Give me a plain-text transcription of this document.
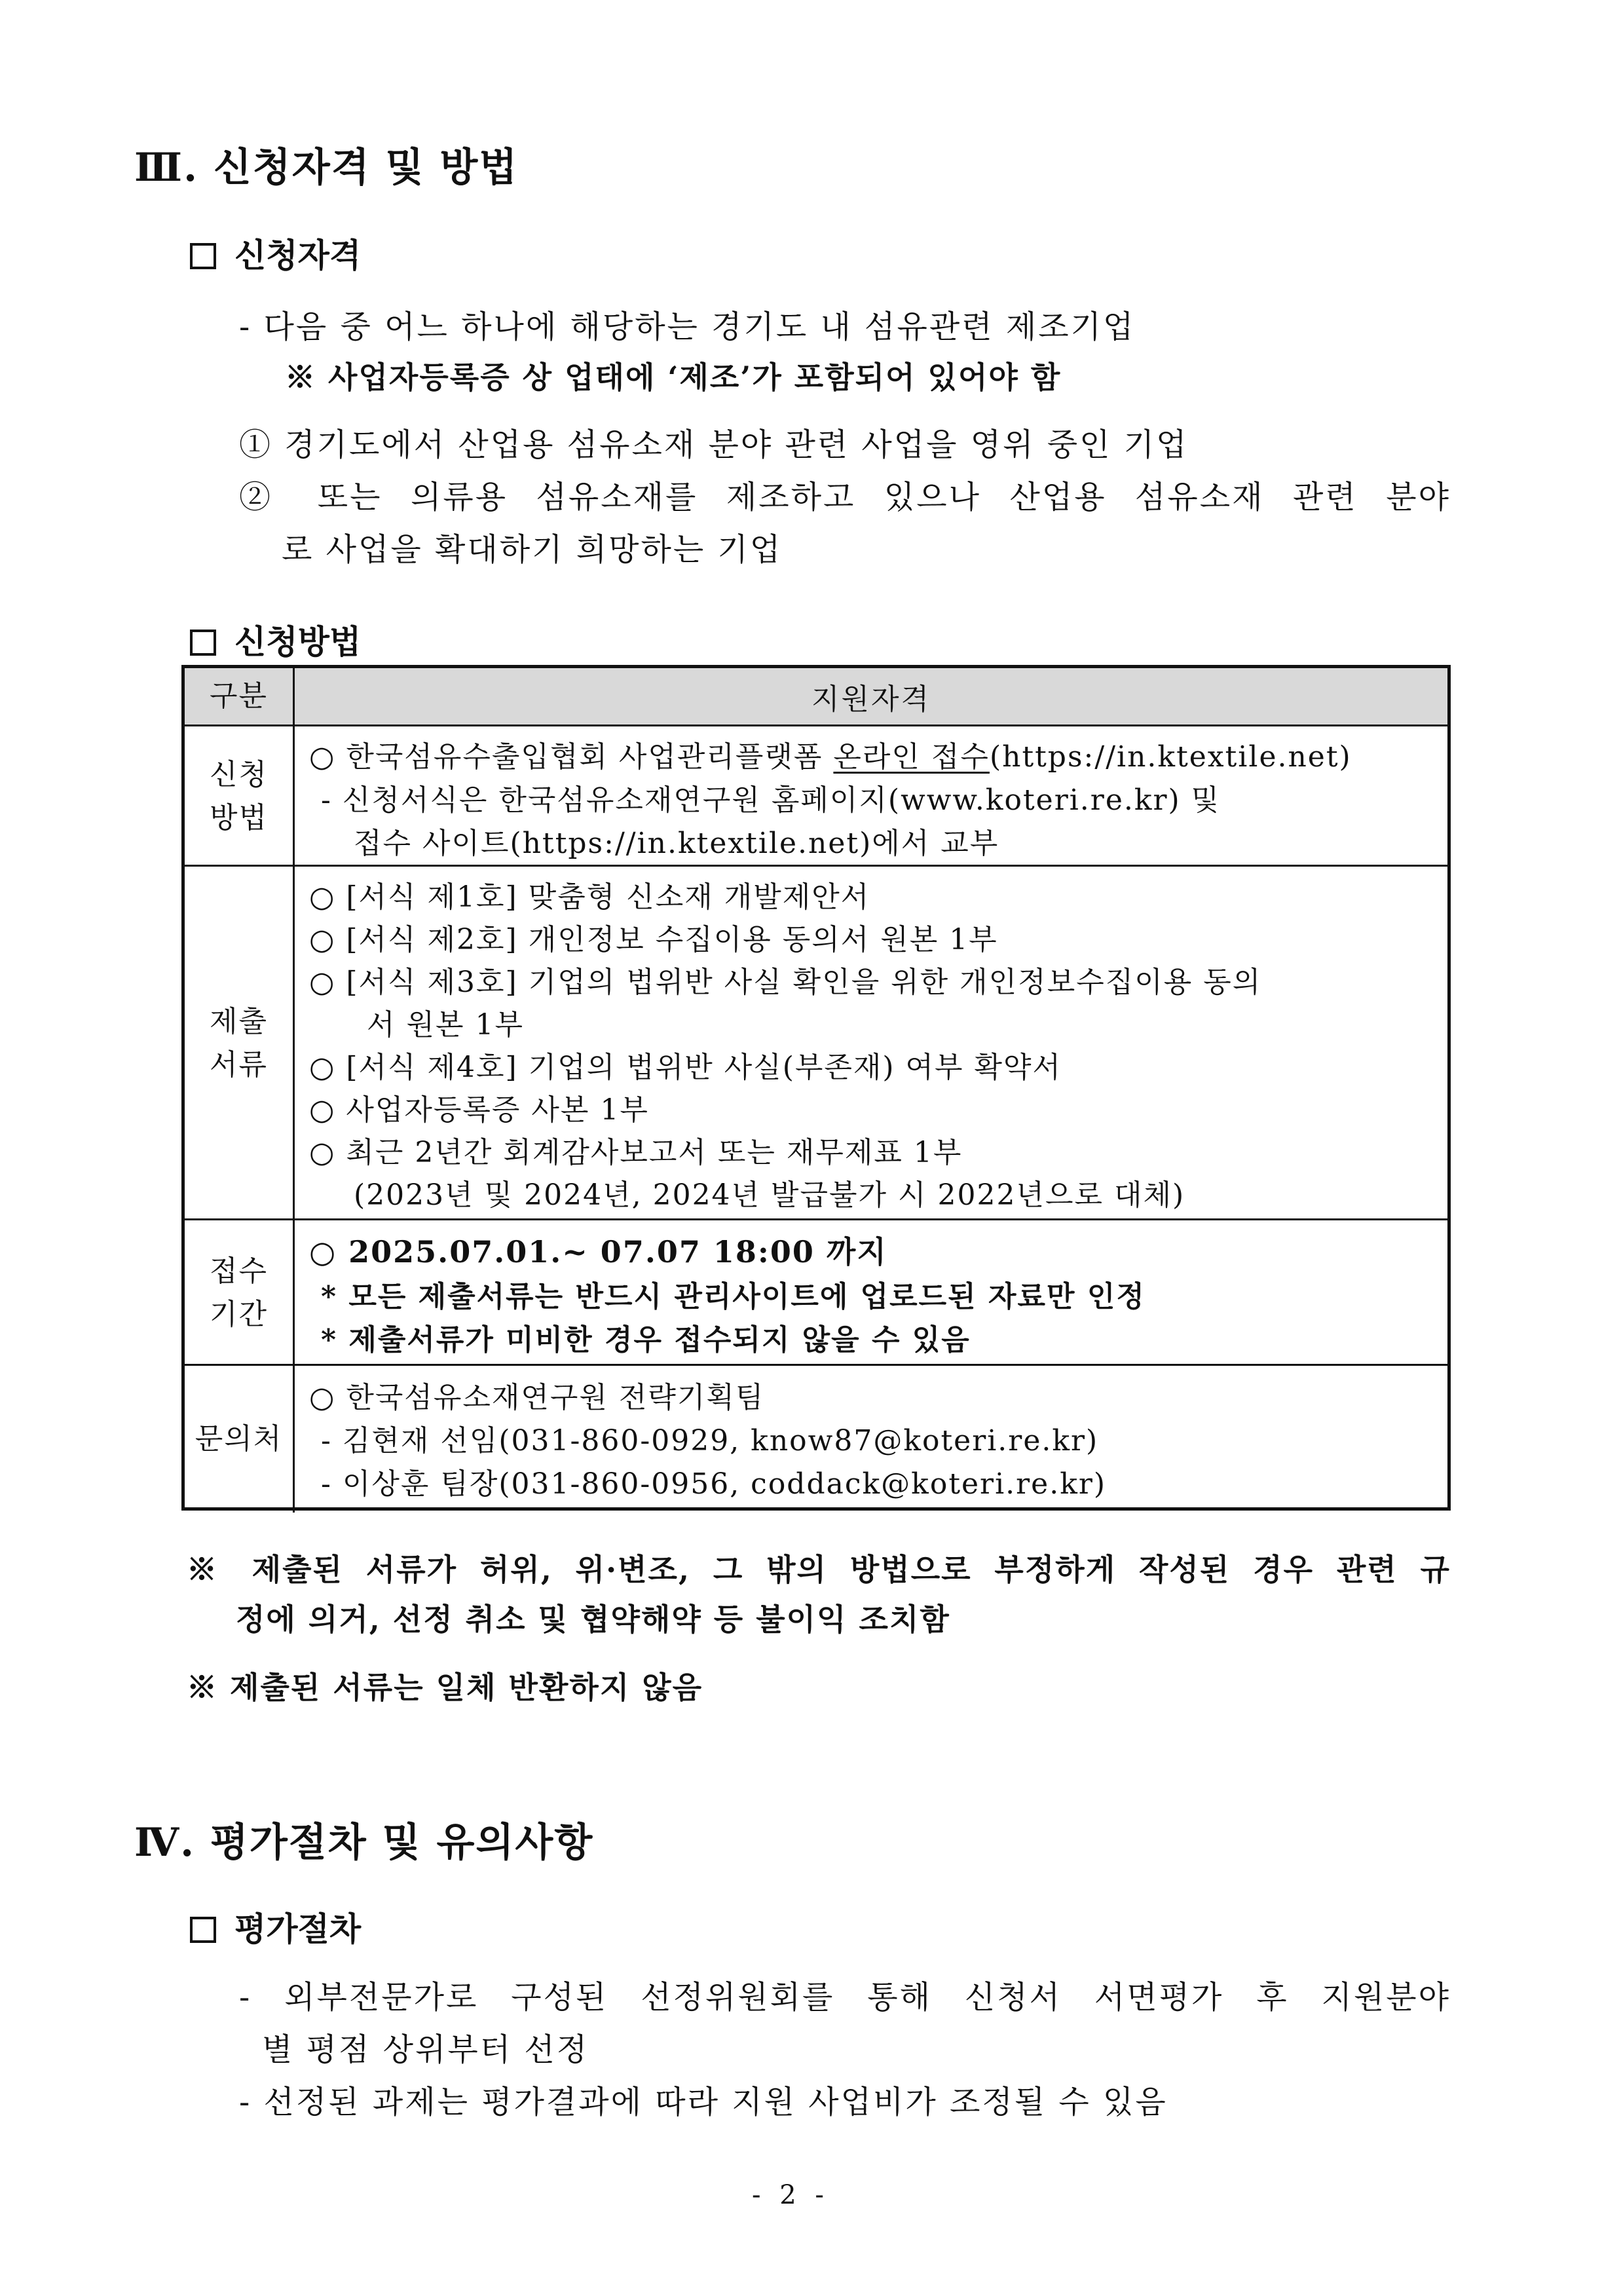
Ⅲ. 신청자격 및 방법
신청자격
- 다음 중 어느 하나에 해당하는 경기도 내 섬유관련 제조기업
※ 사업자등록증 상 업태에 ‘제조’가 포함되어 있어야 함
① 경기도에서 산업용 섬유소재 분야 관련 사업을 영위 중인 기업
② 또는 의류용 섬유소재를 제조하고 있으나 산업용 섬유소재 관련 분야
로 사업을 확대하기 희망하는 기업
신청방법
구분	지원자격
신청
방법
○ 한국섬유수출입협회 사업관리플랫폼 온라인 접수(https://in.ktextile.net)
- 신청서식은 한국섬유소재연구원 홈페이지(www.koteri.re.kr) 및
접수 사이트(https://in.ktextile.net)에서 교부
제출
서류
○ [서식 제1호] 맞춤형 신소재 개발제안서
○ [서식 제2호] 개인정보 수집이용 동의서 원본 1부
○ [서식 제3호] 기업의 법위반 사실 확인을 위한 개인정보수집이용 동의
서 원본 1부
○ [서식 제4호] 기업의 법위반 사실(부존재) 여부 확약서
○ 사업자등록증 사본 1부
○ 최근 2년간 회계감사보고서 또는 재무제표 1부
(2023년 및 2024년, 2024년 발급불가 시 2022년으로 대체)
접수
기간
○ 2025.07.01.~ 07.07 18:00 까지
* 모든 제출서류는 반드시 관리사이트에 업로드된 자료만 인정
* 제출서류가 미비한 경우 접수되지 않을 수 있음
문의처
○ 한국섬유소재연구원 전략기획팀
- 김현재 선임(031-860-0929, know87@koteri.re.kr)
- 이상훈 팀장(031-860-0956, coddack@koteri.re.kr)
※ 제출된 서류가 허위, 위·변조, 그 밖의 방법으로 부정하게 작성된 경우 관련 규
정에 의거, 선정 취소 및 협약해약 등 불이익 조치함
※ 제출된 서류는 일체 반환하지 않음
Ⅳ. 평가절차 및 유의사항
평가절차
- 외부전문가로 구성된 선정위원회를 통해 신청서 서면평가 후 지원분야
별 평점 상위부터 선정
- 선정된 과제는 평가결과에 따라 지원 사업비가 조정될 수 있음
- 2 -
